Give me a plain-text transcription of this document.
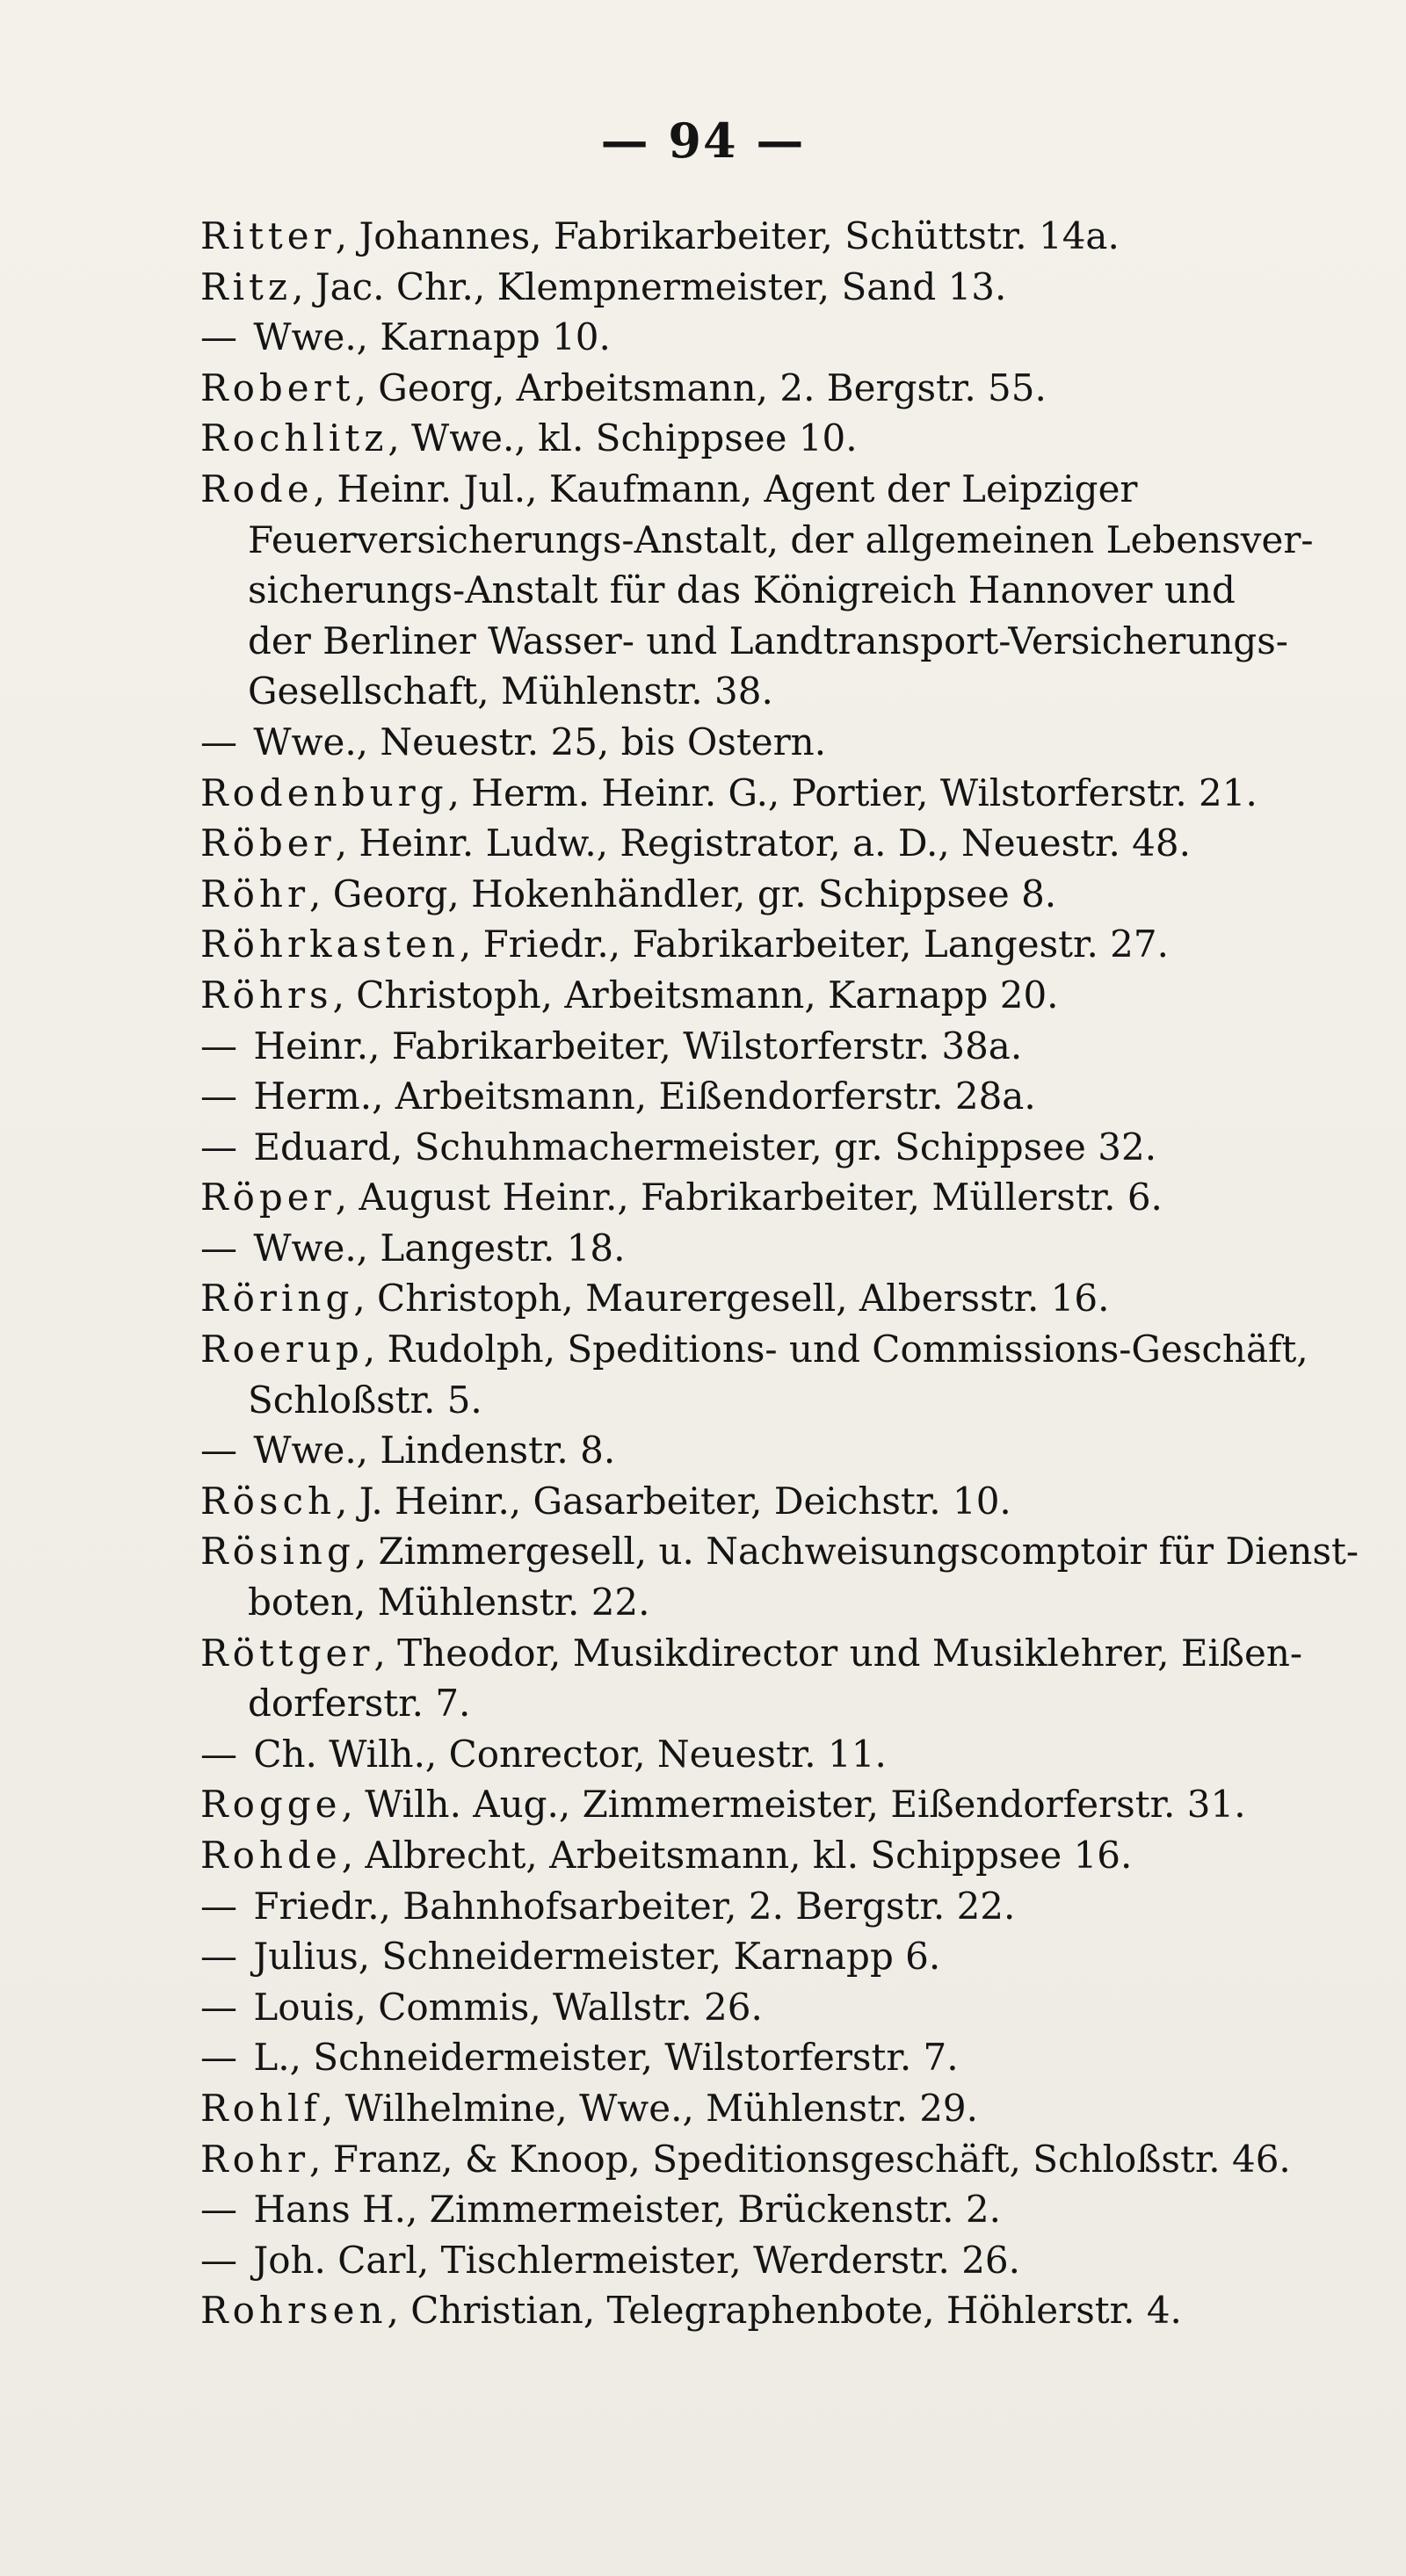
— 94 —
Ritter, Johannes, Fabrikarbeiter, Schüttstr. 14a.
Ritz, Jac. Chr., Klempnermeister, Sand 13.
— Wwe., Karnapp 10.
Robert, Georg, Arbeitsmann, 2. Bergstr. 55.
Rochlitz, Wwe., kl. Schippsee 10.
Rode, Heinr. Jul., Kaufmann, Agent der Leipziger
Feuerversicherungs-Anstalt, der allgemeinen Lebensver-
sicherungs-Anstalt für das Königreich Hannover und
der Berliner Wasser- und Landtransport-Versicherungs-
Gesellschaft, Mühlenstr. 38.
— Wwe., Neuestr. 25, bis Ostern.
Rodenburg, Herm. Heinr. G., Portier, Wilstorferstr. 21.
Röber, Heinr. Ludw., Registrator, a. D., Neuestr. 48.
Röhr, Georg, Hokenhändler, gr. Schippsee 8.
Röhrkasten, Friedr., Fabrikarbeiter, Langestr. 27.
Röhrs, Christoph, Arbeitsmann, Karnapp 20.
— Heinr., Fabrikarbeiter, Wilstorferstr. 38a.
— Herm., Arbeitsmann, Eißendorferstr. 28a.
— Eduard, Schuhmachermeister, gr. Schippsee 32.
Röper, August Heinr., Fabrikarbeiter, Müllerstr. 6.
— Wwe., Langestr. 18.
Röring, Christoph, Maurergesell, Albersstr. 16.
Roerup, Rudolph, Speditions- und Commissions-Geschäft,
Schloßstr. 5.
— Wwe., Lindenstr. 8.
Rösch, J. Heinr., Gasarbeiter, Deichstr. 10.
Rösing, Zimmergesell, u. Nachweisungscomptoir für Dienst-
boten, Mühlenstr. 22.
Röttger, Theodor, Musikdirector und Musiklehrer, Eißen-
dorferstr. 7.
— Ch. Wilh., Conrector, Neuestr. 11.
Rogge, Wilh. Aug., Zimmermeister, Eißendorferstr. 31.
Rohde, Albrecht, Arbeitsmann, kl. Schippsee 16.
— Friedr., Bahnhofsarbeiter, 2. Bergstr. 22.
— Julius, Schneidermeister, Karnapp 6.
— Louis, Commis, Wallstr. 26.
— L., Schneidermeister, Wilstorferstr. 7.
Rohlf, Wilhelmine, Wwe., Mühlenstr. 29.
Rohr, Franz, & Knoop, Speditionsgeschäft, Schloßstr. 46.
— Hans H., Zimmermeister, Brückenstr. 2.
— Joh. Carl, Tischlermeister, Werderstr. 26.
Rohrsen, Christian, Telegraphenbote, Höhlerstr. 4.
